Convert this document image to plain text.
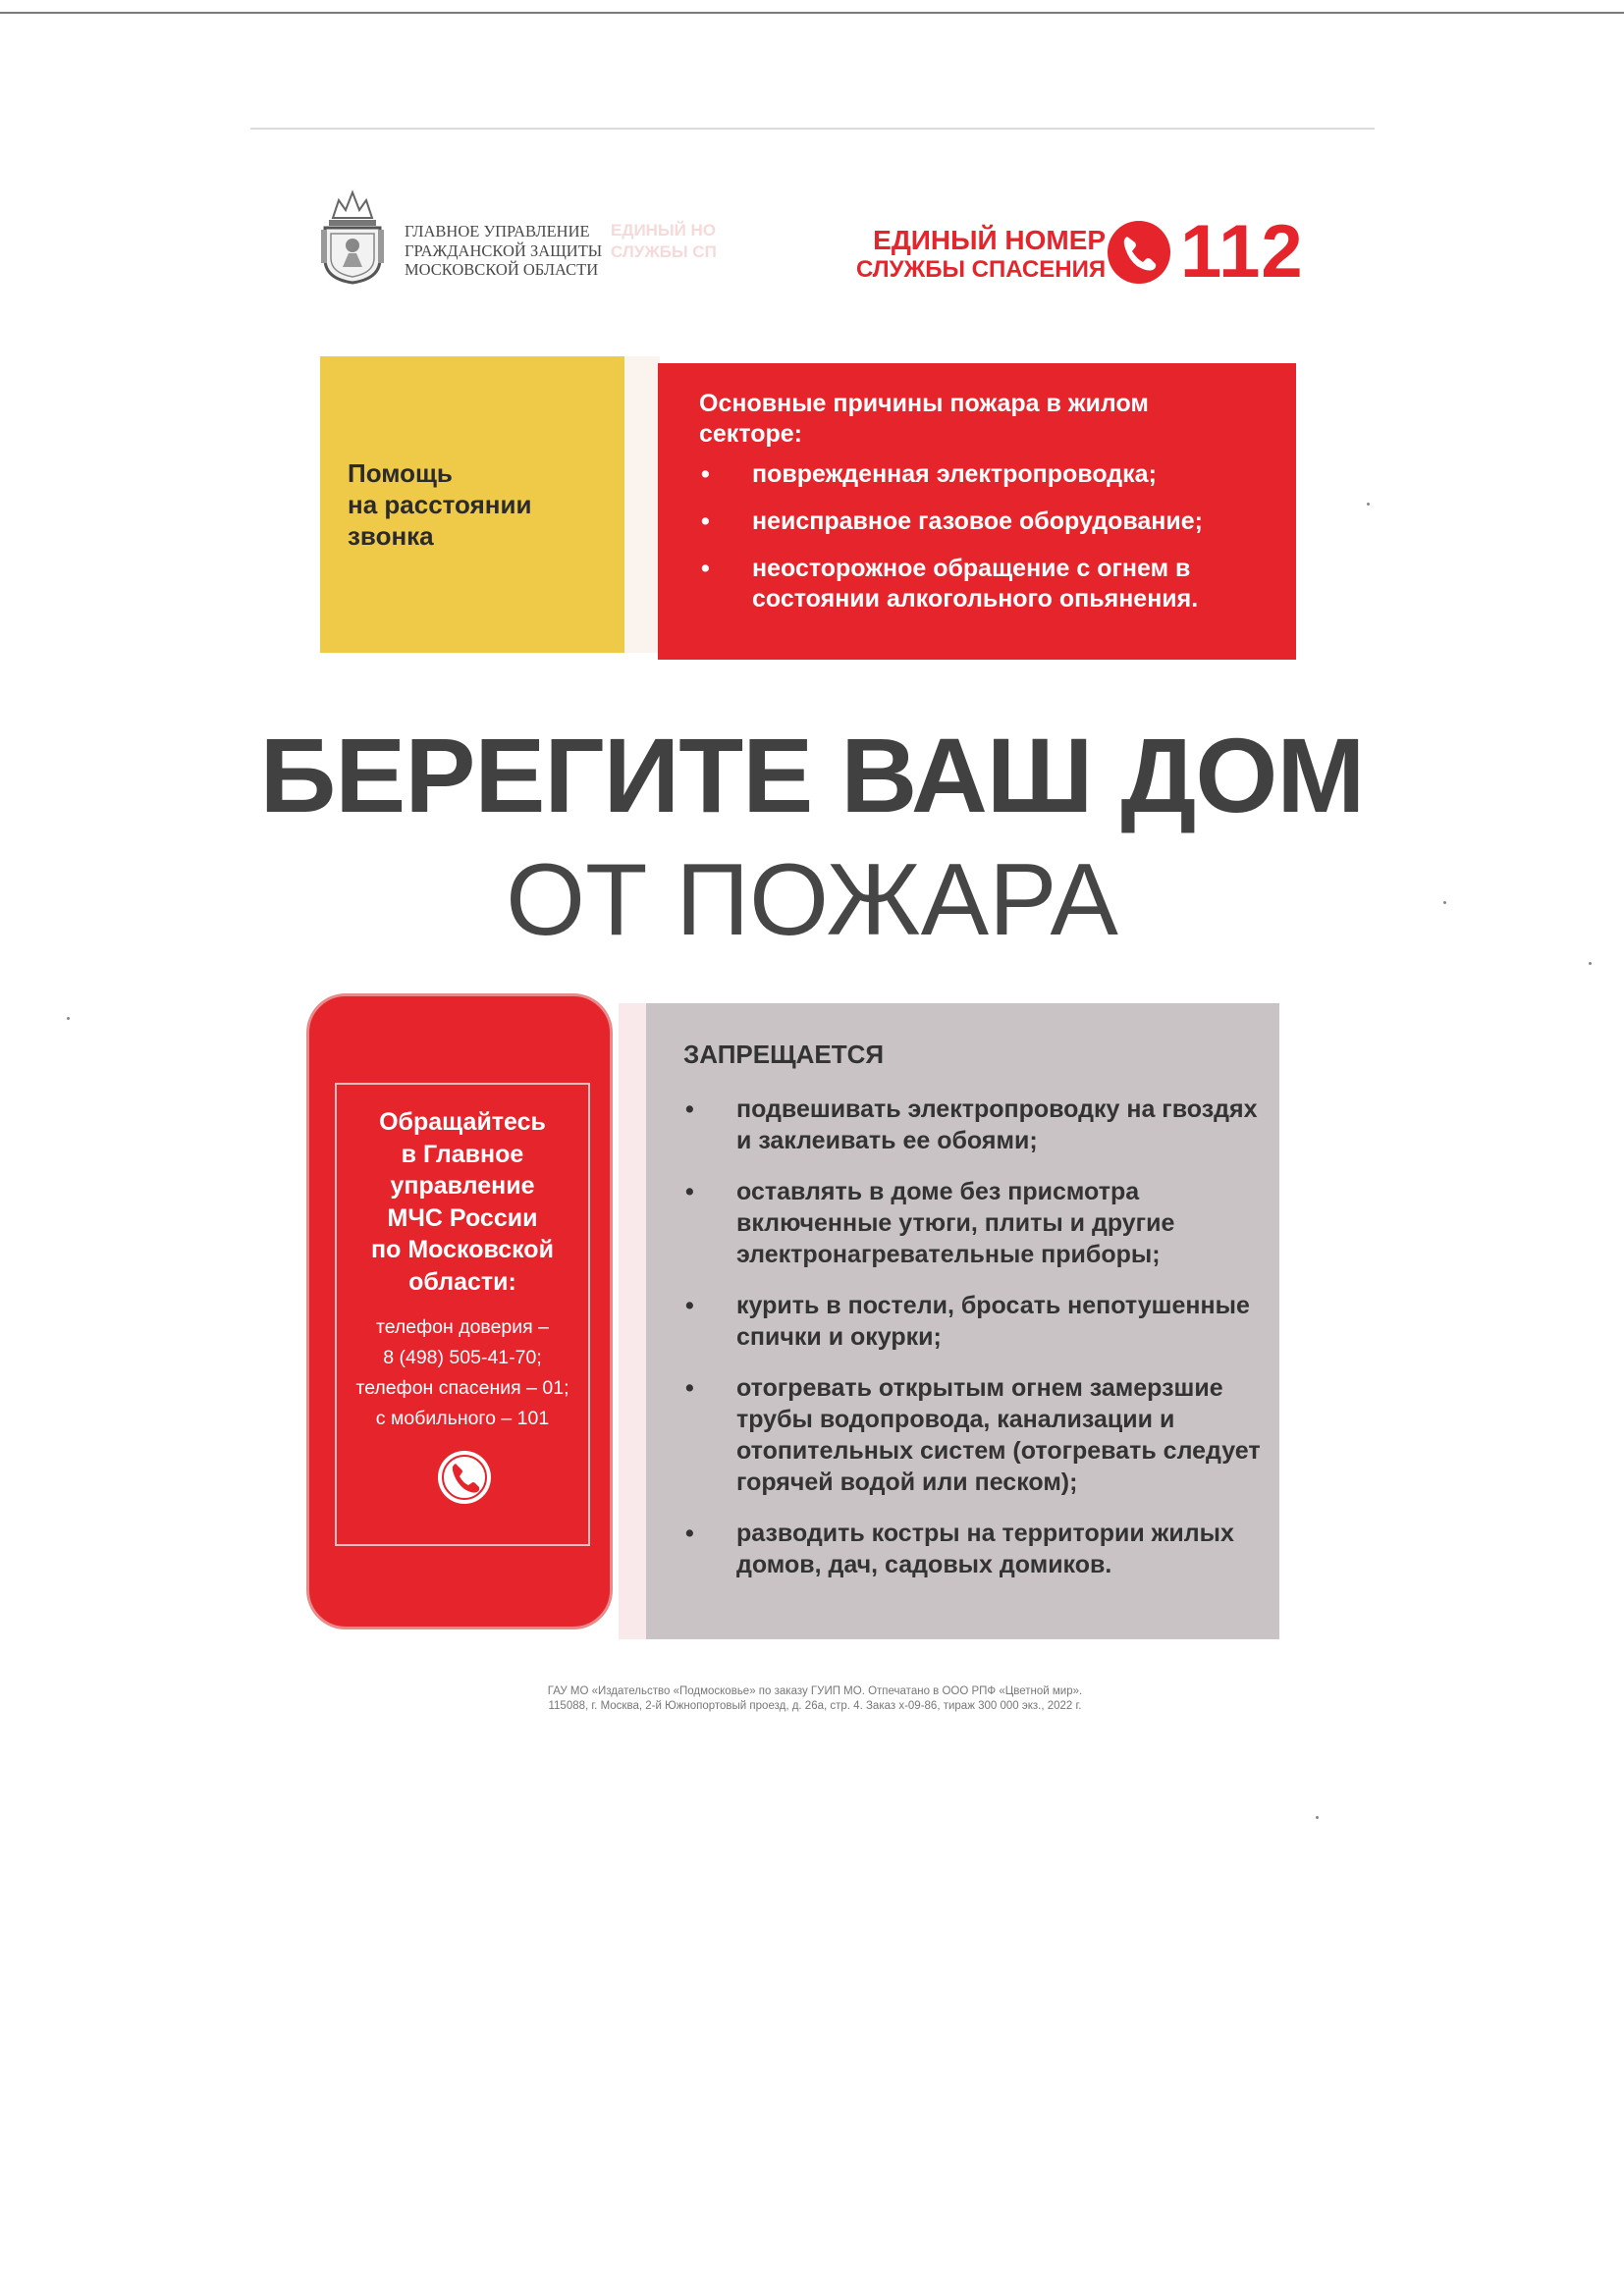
ГЛАВНОЕ УПРАВЛЕНИЕ
ГРАЖДАНСКОЙ ЗАЩИТЫ
МОСКОВСКОЙ ОБЛАСТИ
ЕДИНЫЙ НО
СЛУЖБЫ СП	ЕДИНЫЙ НОМЕР
СЛУЖБЫ СПАСЕНИЯ 112
Помощь
на расстоянии
звонка
Основные причины пожара в жилом секторе:
• поврежденная электропроводка;
• неисправное газовое оборудование;
• неосторожное обращение с огнем в состоянии алкогольного опьянения.
БЕРЕГИТЕ ВАШ ДОМ
ОТ ПОЖАРА
Обращайтесь
в Главное
управление
МЧС России
по Московской
области:
телефон доверия –
8 (498) 505-41-70;
телефон спасения – 01;
с мобильного – 101
ЗАПРЕЩАЕТСЯ
• подвешивать электропроводку на гвоздях и заклеивать ее обоями;
• оставлять в доме без присмотра включенные утюги, плиты и другие электронагревательные приборы;
• курить в постели, бросать непотушенные спички и окурки;
• отогревать открытым огнем замерзшие трубы водопровода, канализации и отопительных систем (отогревать следует горячей водой или песком);
• разводить костры на территории жилых домов, дач, садовых домиков.
ГАУ МО «Издательство «Подмосковье» по заказу ГУИП МО. Отпечатано в ООО РПФ «Цветной мир».
115088, г. Москва, 2-й Южнопортовый проезд, д. 26а, стр. 4. Заказ х-09-86, тираж 300 000 экз., 2022 г.
